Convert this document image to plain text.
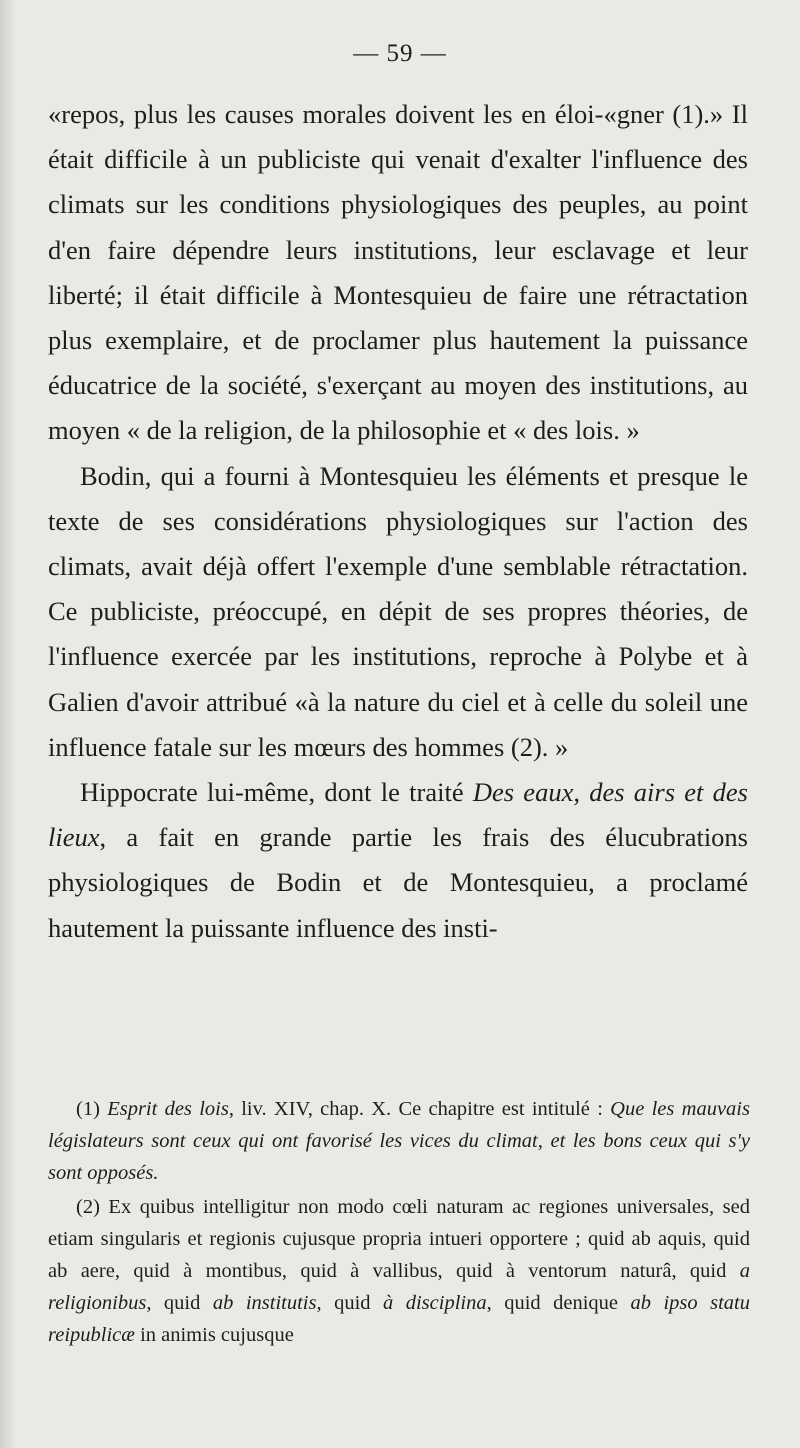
— 59 —

«repos, plus les causes morales doivent les en éloi-«gner (1).» Il était difficile à un publiciste qui venait d'exalter l'influence des climats sur les conditions physiologiques des peuples, au point d'en faire dépendre leurs institutions, leur esclavage et leur liberté; il était difficile à Montesquieu de faire une rétractation plus exemplaire, et de proclamer plus hautement la puissance éducatrice de la société, s'exerçant au moyen des institutions, au moyen « de la religion, de la philosophie et « des lois. »

Bodin, qui a fourni à Montesquieu les éléments et presque le texte de ses considérations physiologiques sur l'action des climats, avait déjà offert l'exemple d'une semblable rétractation. Ce publiciste, préoccupé, en dépit de ses propres théories, de l'influence exercée par les institutions, reproche à Polybe et à Galien d'avoir attribué «à la nature du ciel et à celle du soleil une influence fatale sur les mœurs des hommes (2). »

Hippocrate lui-même, dont le traité Des eaux, des airs et des lieux, a fait en grande partie les frais des élucubrations physiologiques de Bodin et de Montesquieu, a proclamé hautement la puissante influence des insti-

(1) Esprit des lois, liv. XIV, chap. X. Ce chapitre est intitulé : Que les mauvais législateurs sont ceux qui ont favorisé les vices du climat, et les bons ceux qui s'y sont opposés.

(2) Ex quibus intelligitur non modo cœli naturam ac regiones universales, sed etiam singularis et regionis cujusque propria intueri opportere ; quid ab aquis, quid ab aere, quid à montibus, quid à vallibus, quid à ventorum naturâ, quid a religionibus, quid ab institutis, quid à disciplina, quid denique ab ipso statu reipublicæ in animis cujusque
